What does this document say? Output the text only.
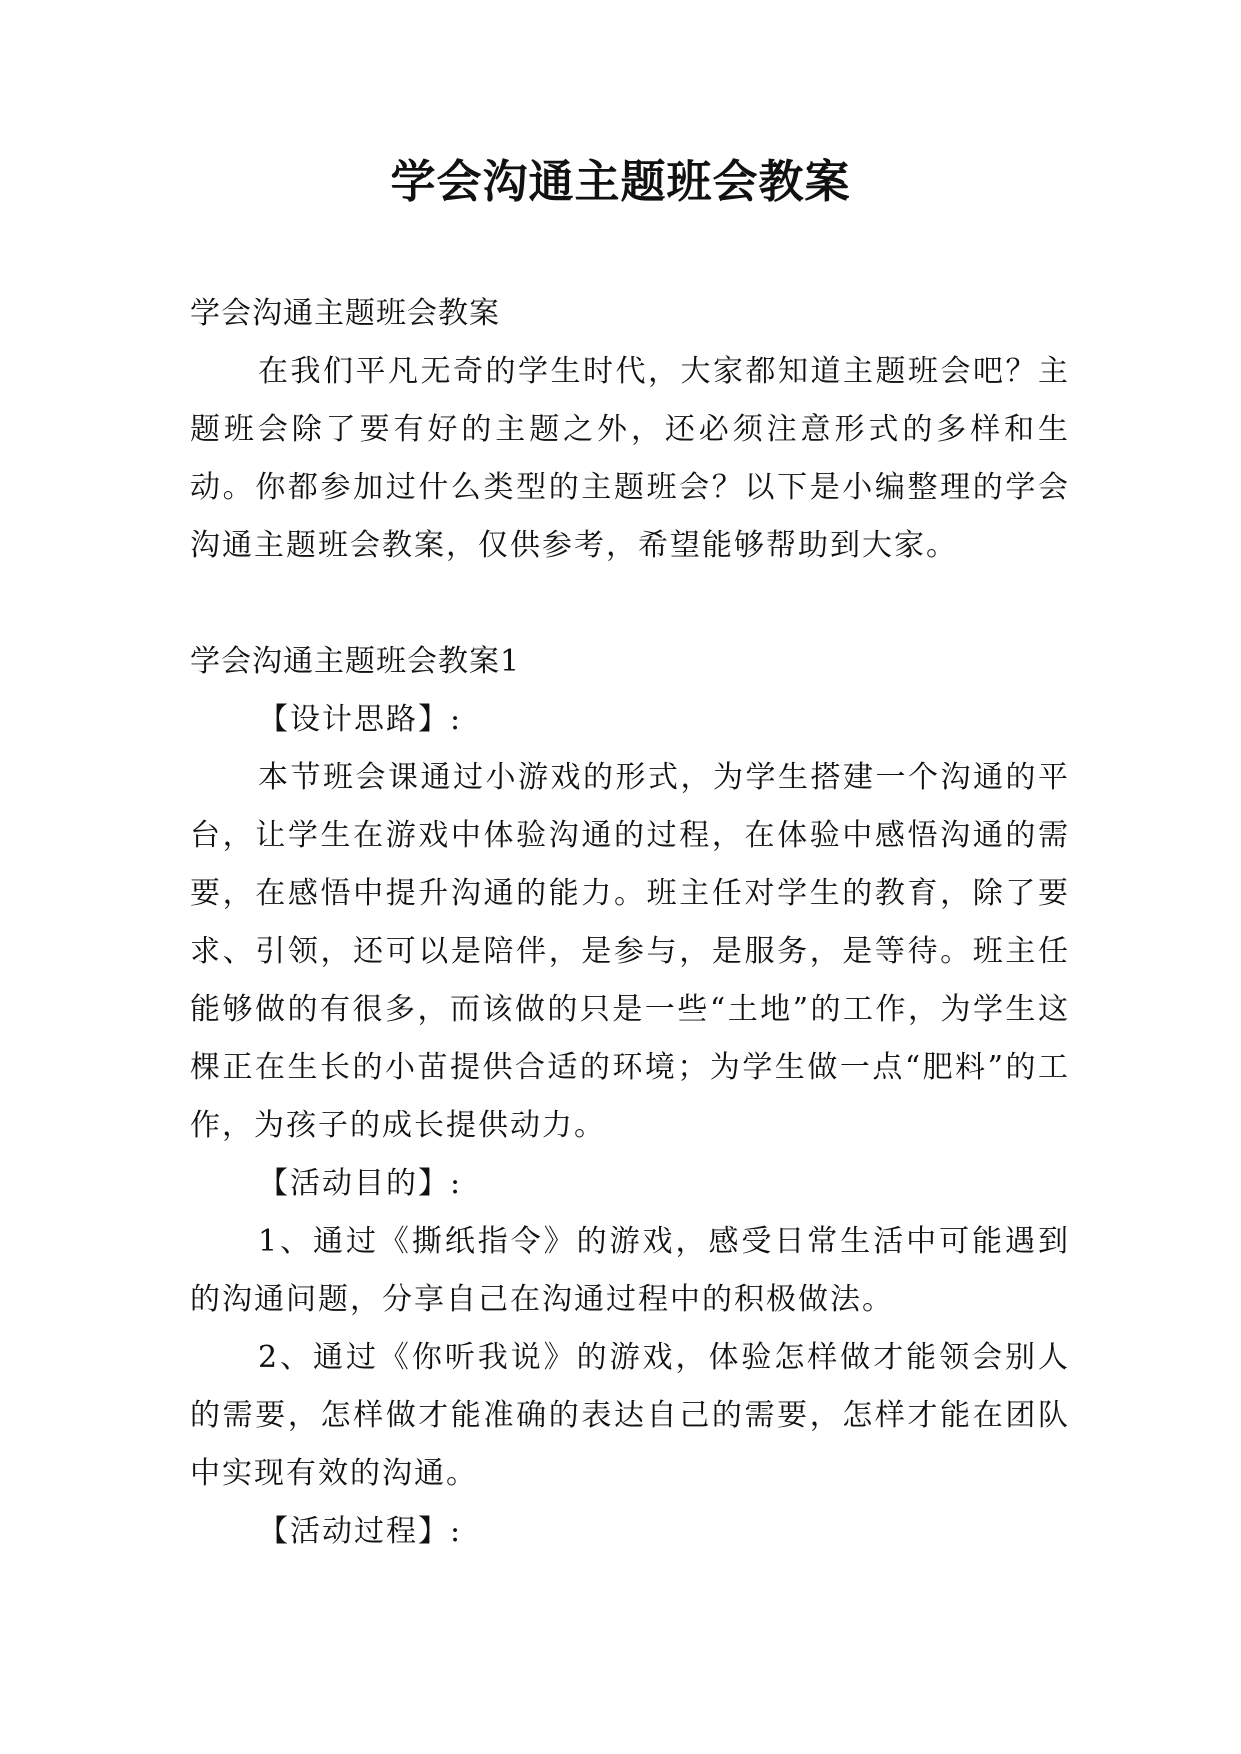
学会沟通主题班会教案

学会沟通主题班会教案

在我们平凡无奇的学生时代，大家都知道主题班会吧？主题班会除了要有好的主题之外，还必须注意形式的多样和生动。你都参加过什么类型的主题班会？以下是小编整理的学会沟通主题班会教案，仅供参考，希望能够帮助到大家。

学会沟通主题班会教案1

【设计思路】:

本节班会课通过小游戏的形式，为学生搭建一个沟通的平台，让学生在游戏中体验沟通的过程，在体验中感悟沟通的需要，在感悟中提升沟通的能力。班主任对学生的教育，除了要求、引领，还可以是陪伴，是参与，是服务，是等待。班主任能够做的有很多，而该做的只是一些“土地”的工作，为学生这棵正在生长的小苗提供合适的环境；为学生做一点“肥料”的工作，为孩子的成长提供动力。

【活动目的】:

1、通过《撕纸指令》的游戏，感受日常生活中可能遇到的沟通问题，分享自己在沟通过程中的积极做法。

2、通过《你听我说》的游戏，体验怎样做才能领会别人的需要，怎样做才能准确的表达自己的需要，怎样才能在团队中实现有效的沟通。

【活动过程】:
